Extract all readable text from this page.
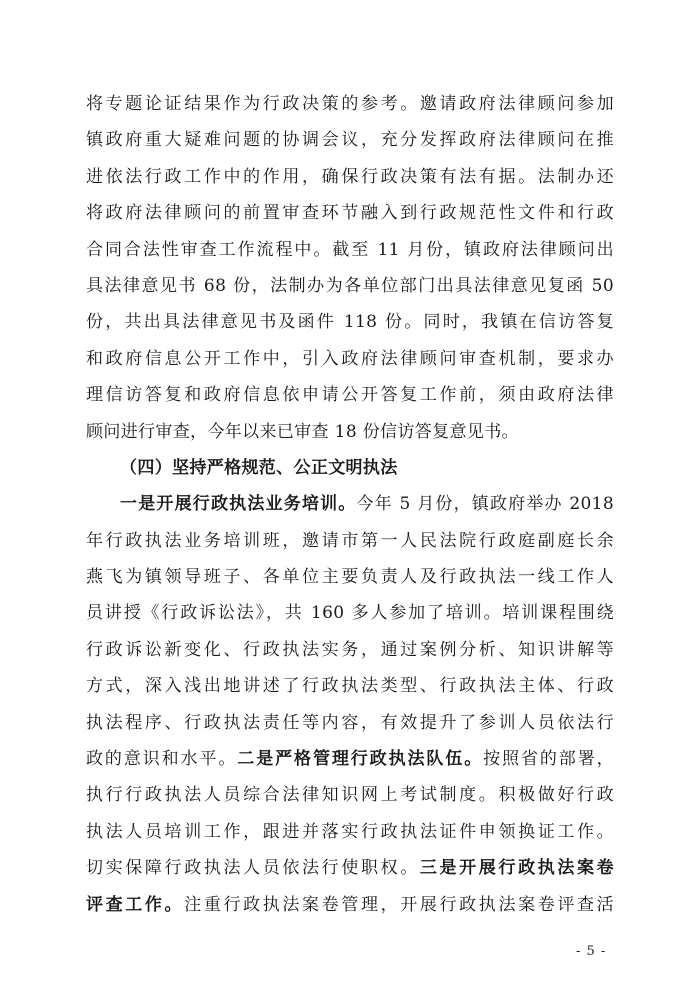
将专题论证结果作为行政决策的参考。邀请政府法律顾问参加
镇政府重大疑难问题的协调会议，充分发挥政府法律顾问在推
进依法行政工作中的作用，确保行政决策有法有据。法制办还
将政府法律顾问的前置审查环节融入到行政规范性文件和行政
合同合法性审查工作流程中。截至 11 月份，镇政府法律顾问出
具法律意见书 68 份，法制办为各单位部门出具法律意见复函 50
份，共出具法律意见书及函件 118 份。同时，我镇在信访答复
和政府信息公开工作中，引入政府法律顾问审查机制，要求办
理信访答复和政府信息依申请公开答复工作前，须由政府法律
顾问进行审查，今年以来已审查 18 份信访答复意见书。
（四）坚持严格规范、公正文明执法
一是开展行政执法业务培训。今年 5 月份，镇政府举办 2018
年行政执法业务培训班，邀请市第一人民法院行政庭副庭长余
燕飞为镇领导班子、各单位主要负责人及行政执法一线工作人
员讲授《行政诉讼法》，共 160 多人参加了培训。培训课程围绕
行政诉讼新变化、行政执法实务，通过案例分析、知识讲解等
方式，深入浅出地讲述了行政执法类型、行政执法主体、行政
执法程序、行政执法责任等内容，有效提升了参训人员依法行
政的意识和水平。二是严格管理行政执法队伍。按照省的部署，
执行行政执法人员综合法律知识网上考试制度。积极做好行政
执法人员培训工作，跟进并落实行政执法证件申领换证工作。
切实保障行政执法人员依法行使职权。三是开展行政执法案卷
评查工作。注重行政执法案卷管理，开展行政执法案卷评查活
- 5 -
